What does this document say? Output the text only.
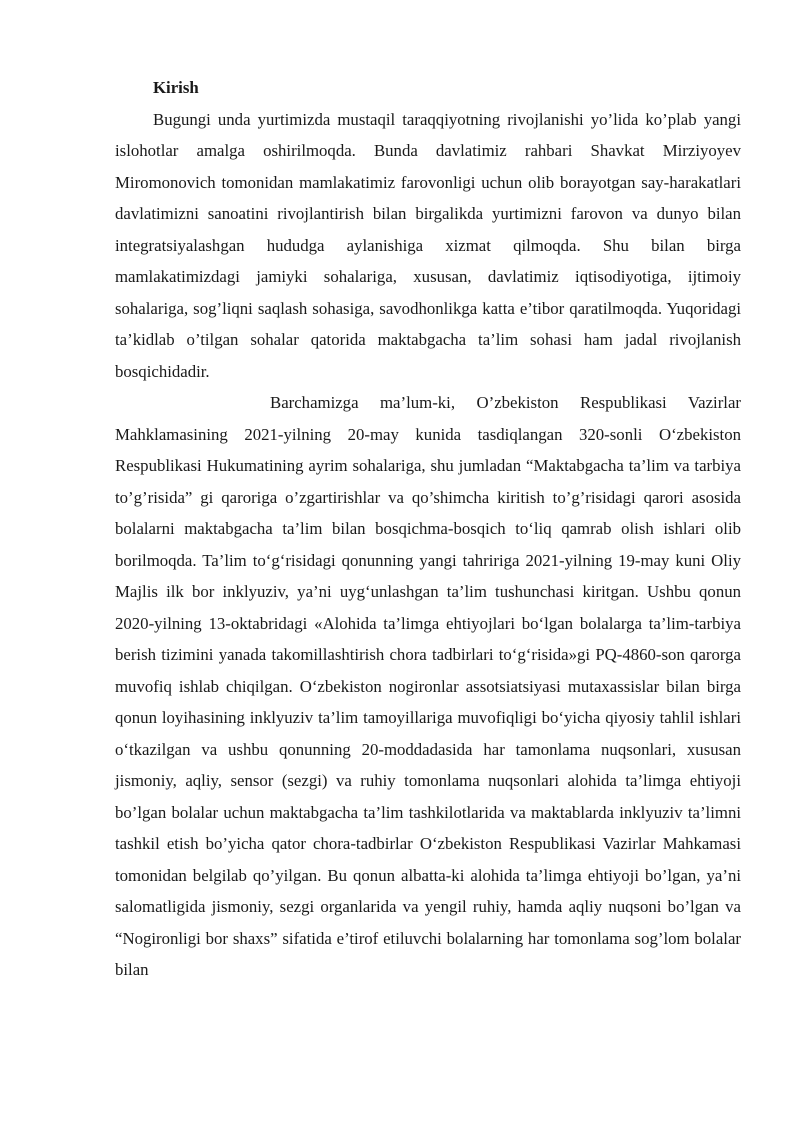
Kirish

Bugungi unda yurtimizda mustaqil taraqqiyotning rivojlanishi yo’lida ko’plab yangi islohotlar amalga oshirilmoqda. Bunda davlatimiz rahbari Shavkat Mirziyoyev Miromonovich tomonidan mamlakatimiz farovonligi uchun olib borayotgan say-harakatlari davlatimizni sanoatini rivojlantirish bilan birgalikda yurtimizni farovon va dunyo bilan integratsiyalashgan hududga aylanishiga xizmat qilmoqda. Shu bilan birga mamlakatimizdagi jamiyki sohalariga, xususan, davlatimiz iqtisodiyotiga, ijtimoiy sohalariga, sog’liqni saqlash sohasiga, savodhonlikga katta e’tibor qaratilmoqda. Yuqoridagi ta’kidlab o’tilgan sohalar qatorida maktabgacha ta’lim sohasi ham jadal rivojlanish bosqichidadir.

Barchamizga ma’lum-ki, O’zbekiston Respublikasi Vazirlar Mahklamasining 2021-yilning 20-may kunida tasdiqlangan 320-sonli O‘zbekiston Respublikasi Hukumatining ayrim sohalariga, shu jumladan “Maktabgacha ta’lim va tarbiya to’g’risida” gi qaroriga o’zgartirishlar va qo’shimcha kiritish to’g’risidagi qarori asosida bolalarni maktabgacha ta’lim bilan bosqichma-bosqich to‘liq qamrab olish ishlari olib borilmoqda. Ta’lim to‘g‘risidagi qonunning yangi tahririga 2021-yilning 19-may kuni Oliy Majlis ilk bor inklyuziv, ya’ni uyg‘unlashgan ta’lim tushunchasi kiritgan. Ushbu qonun 2020-yilning 13-oktabridagi «Alohida ta’limga ehtiyojlari bo‘lgan bolalarga ta’lim-tarbiya berish tizimini yanada takomillashtirish chora tadbirlari to‘g‘risida»gi PQ-4860-son qarorga muvofiq ishlab chiqilgan. O‘zbekiston nogironlar assotsiatsiyasi mutaxassislar bilan birga qonun loyihasining inklyuziv ta’lim tamoyillariga muvofiqligi bo‘yicha qiyosiy tahlil ishlari o‘tkazilgan va ushbu qonunning 20-moddadasida har tamonlama nuqsonlari, xususan jismoniy, aqliy, sensor (sezgi) va ruhiy tomonlama nuqsonlari alohida ta’limga ehtiyoji bo’lgan bolalar uchun maktabgacha ta’lim tashkilotlarida va maktablarda inklyuziv ta’limni tashkil etish bo’yicha qator chora-tadbirlar O‘zbekiston Respublikasi Vazirlar Mahkamasi tomonidan belgilab qo’yilgan. Bu qonun albatta-ki alohida ta’limga ehtiyoji bo’lgan, ya’ni salomatligida jismoniy, sezgi organlarida va yengil ruhiy, hamda aqliy nuqsoni bo’lgan va “Nogironligi bor shaxs” sifatida e’tirof etiluvchi bolalarning har tomonlama sog’lom bolalar bilan
